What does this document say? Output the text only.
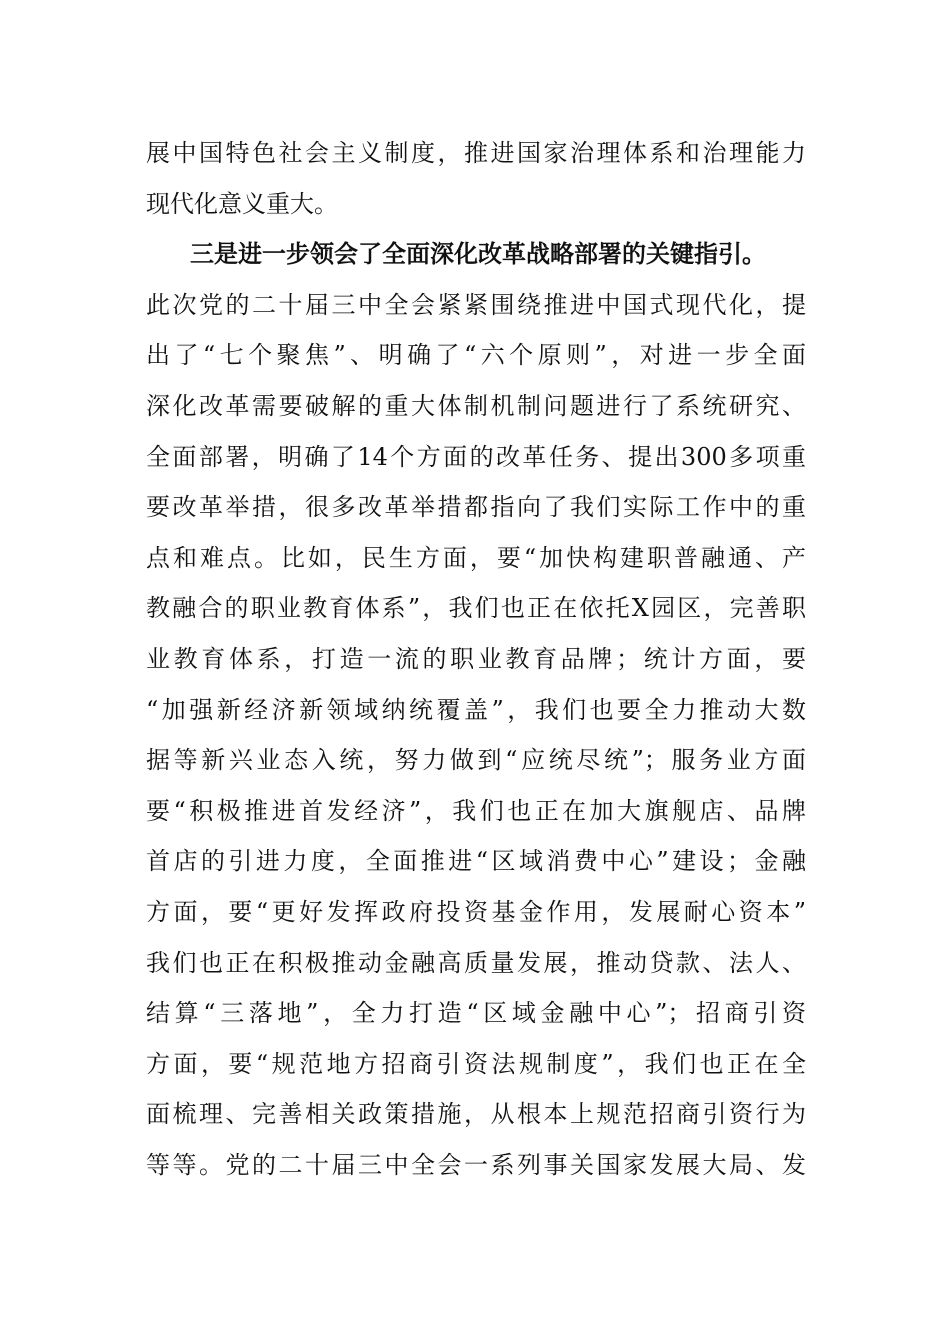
展中国特色社会主义制度，推进国家治理体系和治理能力
现代化意义重大。
三是进一步领会了全面深化改革战略部署的关键指引。
此次党的二十届三中全会紧紧围绕推进中国式现代化，提
出了“七个聚焦”、明确了“六个原则”，对进一步全面
深化改革需要破解的重大体制机制问题进行了系统研究、
全面部署，明确了14个方面的改革任务、提出300多项重
要改革举措，很多改革举措都指向了我们实际工作中的重
点和难点。比如，民生方面，要“加快构建职普融通、产
教融合的职业教育体系”，我们也正在依托X园区，完善职
业教育体系，打造一流的职业教育品牌；统计方面，要
“加强新经济新领域纳统覆盖”，我们也要全力推动大数
据等新兴业态入统，努力做到“应统尽统”；服务业方面
要“积极推进首发经济”，我们也正在加大旗舰店、品牌
首店的引进力度，全面推进“区域消费中心”建设；金融
方面，要“更好发挥政府投资基金作用，发展耐心资本”
我们也正在积极推动金融高质量发展，推动贷款、法人、
结算“三落地”，全力打造“区域金融中心”；招商引资
方面，要“规范地方招商引资法规制度”，我们也正在全
面梳理、完善相关政策措施，从根本上规范招商引资行为
等等。党的二十届三中全会一系列事关国家发展大局、发
